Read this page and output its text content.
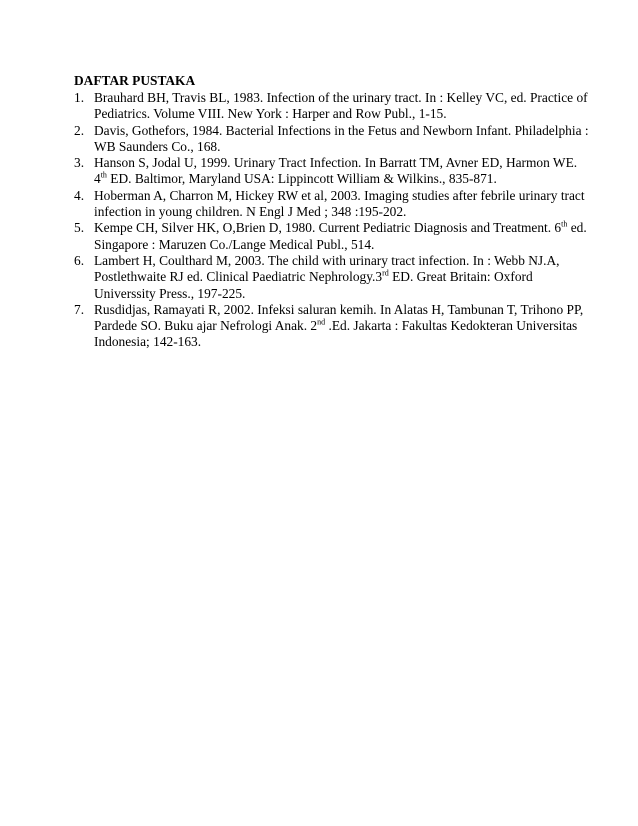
DAFTAR PUSTAKA
1. Brauhard BH, Travis BL, 1983. Infection of the urinary tract. In : Kelley VC, ed. Practice of
Pediatrics. Volume VIII. New York : Harper and Row Publ., 1-15.
2. Davis, Gothefors, 1984. Bacterial Infections in the Fetus and Newborn Infant. Philadelphia :
WB Saunders Co., 168.
3. Hanson S, Jodal U, 1999. Urinary Tract Infection. In Barratt TM, Avner ED, Harmon WE.
4th ED. Baltimor, Maryland USA: Lippincott William & Wilkins., 835-871.
4. Hoberman A, Charron M, Hickey RW et al, 2003. Imaging studies after febrile urinary tract
infection in young children. N Engl J Med ; 348 :195-202.
5. Kempe CH, Silver HK, O,Brien D, 1980. Current Pediatric Diagnosis and Treatment. 6th ed.
Singapore : Maruzen Co./Lange Medical Publ., 514.
6. Lambert H, Coulthard M, 2003. The child with urinary tract infection. In : Webb NJ.A,
Postlethwaite RJ ed. Clinical Paediatric Nephrology.3rd ED. Great Britain: Oxford
Universsity Press., 197-225.
7. Rusdidjas, Ramayati R, 2002. Infeksi saluran kemih. In Alatas H, Tambunan T, Trihono PP,
Pardede SO. Buku ajar Nefrologi Anak. 2nd .Ed. Jakarta : Fakultas Kedokteran Universitas
Indonesia; 142-163.
